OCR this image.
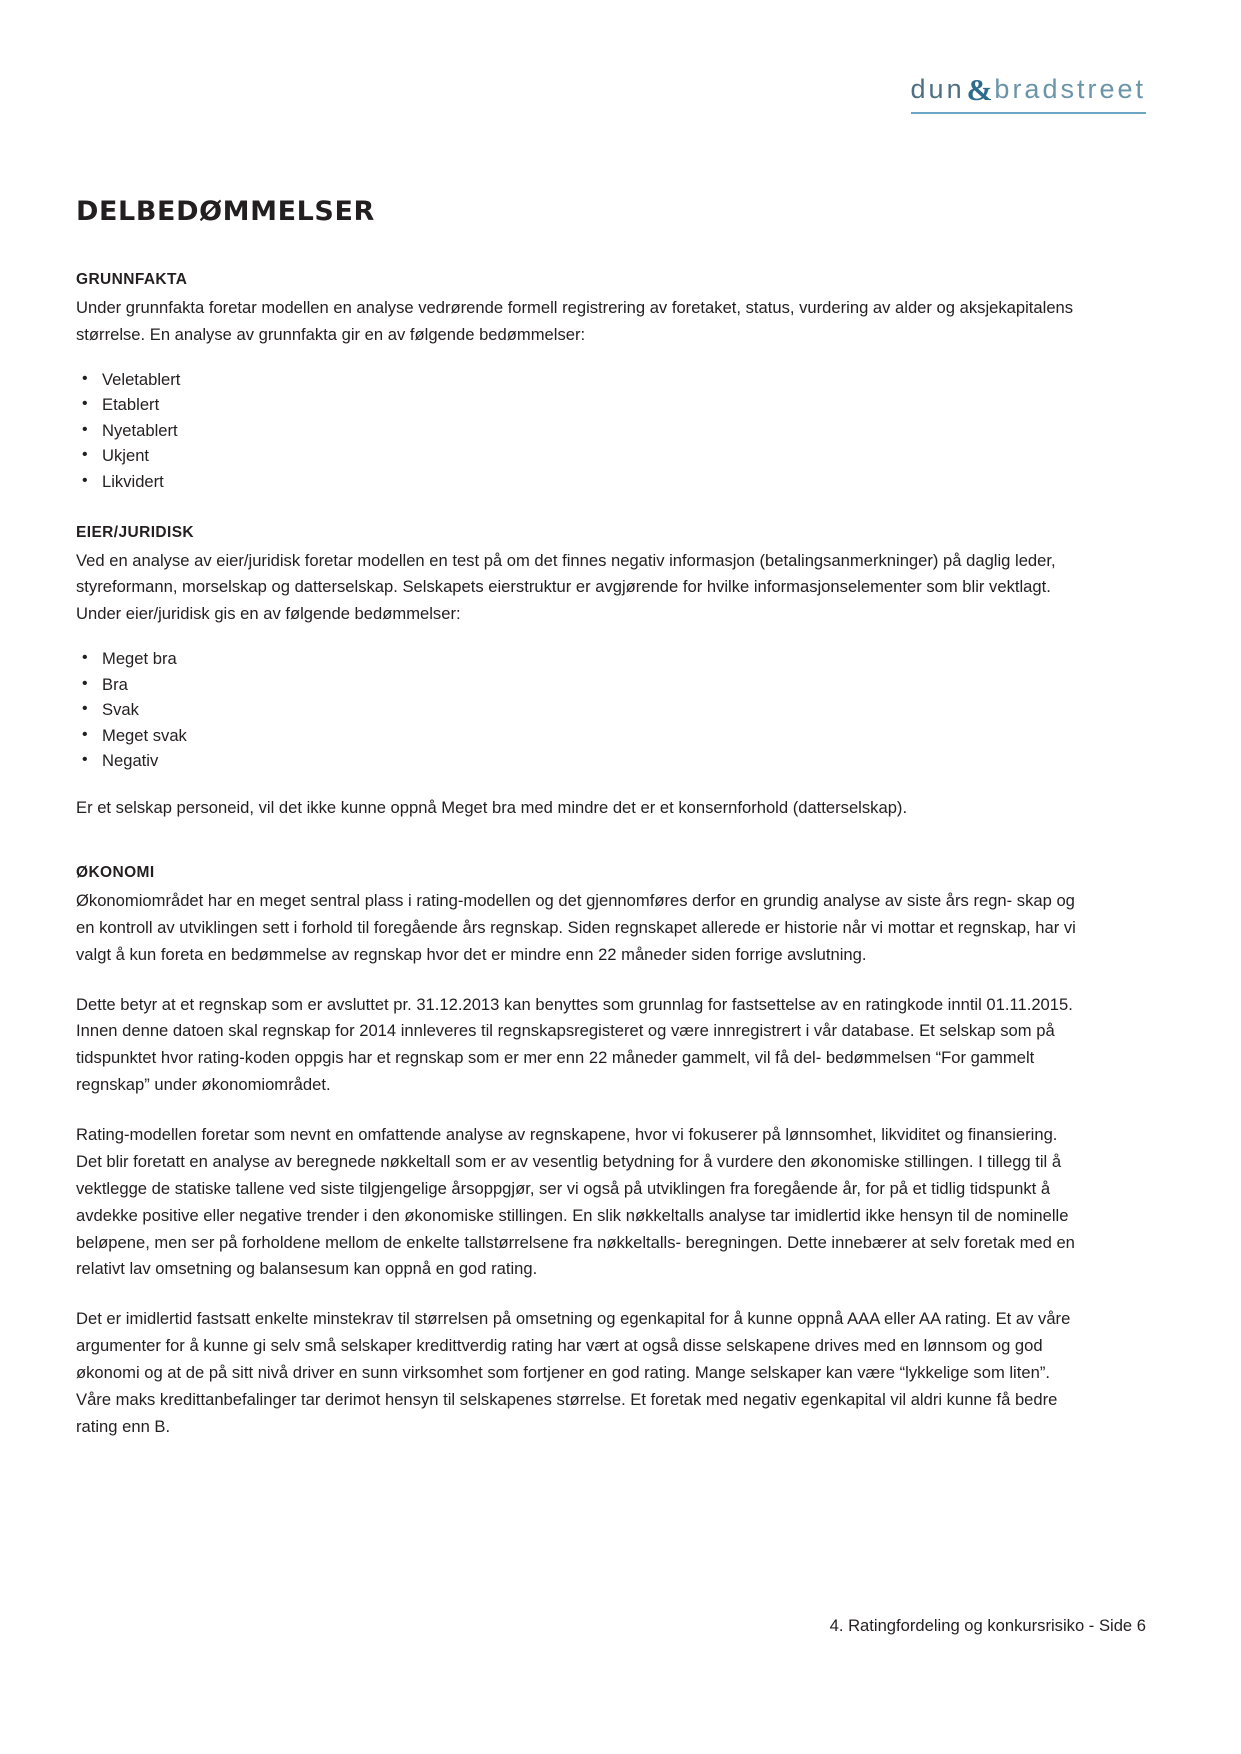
dun & bradstreet
DELBEDØMMELSER
GRUNNFAKTA

Under grunnfakta foretar modellen en analyse vedrørende formell registrering av foretaket, status, vurdering av alder og aksjekapitalens størrelse. En analyse av grunnfakta gir en av følgende bedømmelser:

• Veletablert
• Etablert
• Nyetablert
• Ukjent
• Likvidert
EIER/JURIDISK

Ved en analyse av eier/juridisk foretar modellen en test på om det finnes negativ informasjon (betalingsanmerkninger) på daglig leder, styreformann, morselskap og datterselskap. Selskapets eierstruktur er avgjørende for hvilke informasjonselementer som blir vektlagt. Under eier/juridisk gis en av følgende bedømmelser:

• Meget bra
• Bra
• Svak
• Meget svak
• Negativ

Er et selskap personeid, vil det ikke kunne oppnå Meget bra med mindre det er et konsernforhold (datterselskap).

ØKONOMI

Økonomiområdet har en meget sentral plass i rating-modellen og det gjennomføres derfor en grundig analyse av siste års regn- skap og en kontroll av utviklingen sett i forhold til foregående års regnskap. Siden regnskapet allerede er historie når vi mottar et regnskap, har vi valgt å kun foreta en bedømmelse av regnskap hvor det er mindre enn 22 måneder siden forrige avslutning.

Dette betyr at et regnskap som er avsluttet pr. 31.12.2013 kan benyttes som grunnlag for fastsettelse av en ratingkode inntil 01.11.2015. Innen denne datoen skal regnskap for 2014 innleveres til regnskapsregisteret og være innregistrert i vår database. Et selskap som på tidspunktet hvor rating-koden oppgis har et regnskap som er mer enn 22 måneder gammelt, vil få del- bedømmelsen “For gammelt regnskap” under økonomiområdet.

Rating-modellen foretar som nevnt en omfattende analyse av regnskapene, hvor vi fokuserer på lønnsomhet, likviditet og finansiering. Det blir foretatt en analyse av beregnede nøkkeltall som er av vesentlig betydning for å vurdere den økonomiske stillingen. I tillegg til å vektlegge de statiske tallene ved siste tilgjengelige årsoppgjør, ser vi også på utviklingen fra foregående år, for på et tidlig tidspunkt å avdekke positive eller negative trender i den økonomiske stillingen. En slik nøkkeltalls analyse tar imidlertid ikke hensyn til de nominelle beløpene, men ser på forholdene mellom de enkelte tallstørrelsene fra nøkkeltalls- beregningen. Dette innebærer at selv foretak med en relativt lav omsetning og balansesum kan oppnå en god rating.

Det er imidlertid fastsatt enkelte minstekrav til størrelsen på omsetning og egenkapital for å kunne oppnå AAA eller AA rating. Et av våre argumenter for å kunne gi selv små selskaper kredittverdig rating har vært at også disse selskapene drives med en lønnsom og god økonomi og at de på sitt nivå driver en sunn virksomhet som fortjener en god rating. Mange selskaper kan være “lykkelige som liten”. Våre maks kredittanbefalinger tar derimot hensyn til selskapenes størrelse. Et foretak med negativ egenkapital vil aldri kunne få bedre rating enn B.

4. Ratingfordeling og konkursrisiko - Side 6
